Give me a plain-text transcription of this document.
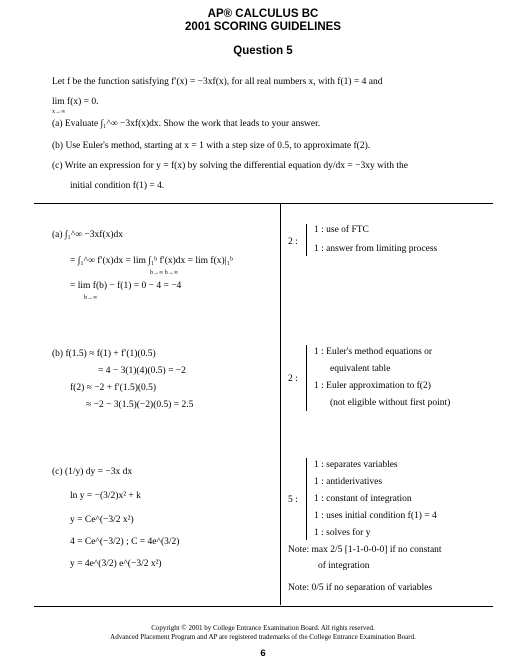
AP® CALCULUS BC
2001 SCORING GUIDELINES
Question 5
Let f be the function satisfying f′(x) = −3xf(x), for all real numbers x, with f(1) = 4 and
lim f(x) = 0.
x→∞
(a) Evaluate ∫₁^∞ −3xf(x)dx. Show the work that leads to your answer.
(b) Use Euler's method, starting at x = 1 with a step size of 0.5, to approximate f(2).
(c) Write an expression for y = f(x) by solving the differential equation dy/dx = −3xy with the
initial condition f(1) = 4.
(a) ∫₁^∞ −3xf(x)dx
= ∫₁^∞ f′(x)dx = lim ∫₁ᵇ f′(x)dx = lim f(x)|₁ᵇ
b→∞ b→∞
= lim f(b) − f(1) = 0 − 4 = −4
b→∞
2 :
1 : use of FTC
1 : answer from limiting process
(b) f(1.5) ≈ f(1) + f′(1)(0.5)
= 4 − 3(1)(4)(0.5) = −2
f(2) ≈ −2 + f′(1.5)(0.5)
≈ −2 − 3(1.5)(−2)(0.5) = 2.5
2 :
1 : Euler's method equations or
equivalent table
1 : Euler approximation to f(2)
(not eligible without first point)
(c) (1/y) dy = −3x dx
ln y = −(3/2)x² + k
y = Ce^(−3/2 x²)
4 = Ce^(−3/2) ; C = 4e^(3/2)
y = 4e^(3/2) e^(−3/2 x²)
5 :
1 : separates variables
1 : antiderivatives
1 : constant of integration
1 : uses initial condition f(1) = 4
1 : solves for y
Note: max 2/5 [1-1-0-0-0] if no constant
of integration
Note: 0/5 if no separation of variables
Copyright © 2001 by College Entrance Examination Board. All rights reserved.
Advanced Placement Program and AP are registered trademarks of the College Entrance Examination Board.
6
